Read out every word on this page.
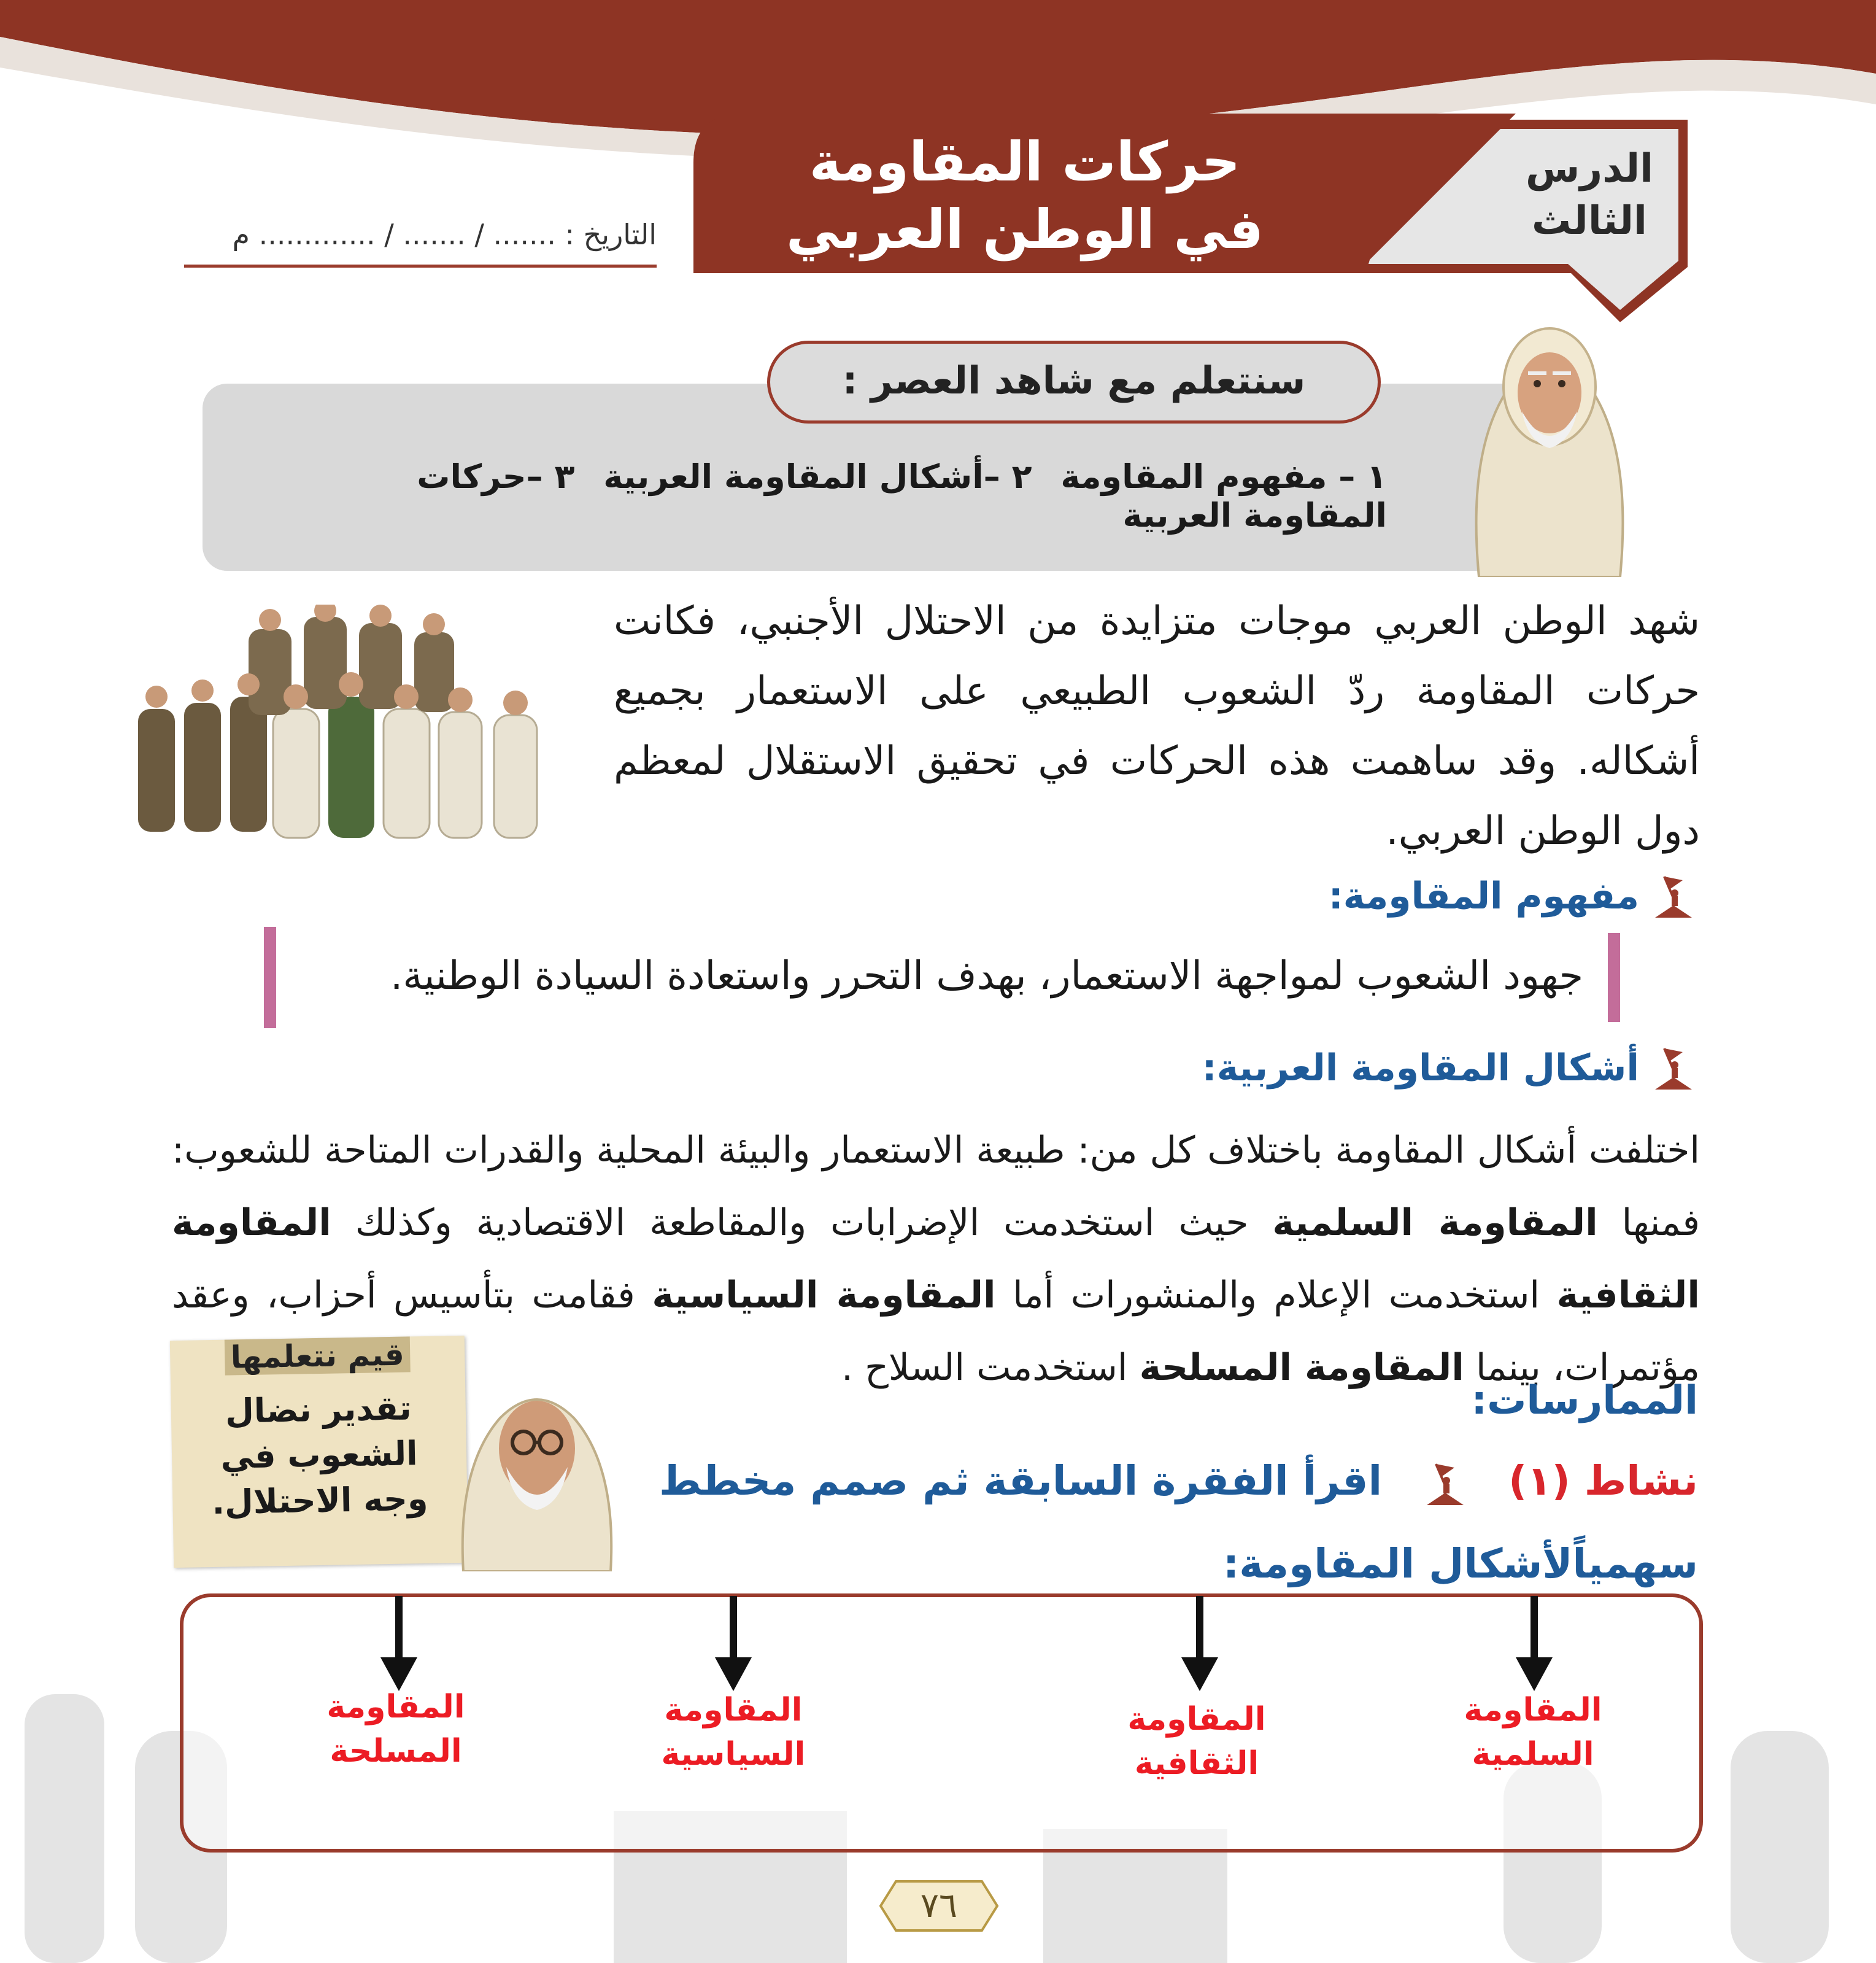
الدرس
الثالث
حركات المقاومة
في الوطن العربي
التاريخ : ....... / ....... / ............. م
سنتعلم مع شاهد العصر :
١ – مفهوم المقاومة ٢ –أشكال المقاومة العربية ٣ –حركات المقاومة العربية
شهد الوطن العربي موجات متزايدة من الاحتلال الأجنبي، فكانت حركات المقاومة ردّ الشعوب الطبيعي على الاستعمار بجميع أشكاله. وقد ساهمت هذه الحركات في تحقيق الاستقلال لمعظم دول الوطن العربي.
مفهوم المقاومة:
جهود الشعوب لمواجهة الاستعمار، بهدف التحرر واستعادة السيادة الوطنية.
أشكال المقاومة العربية:
اختلفت أشكال المقاومة باختلاف كل من: طبيعة الاستعمار والبيئة المحلية والقدرات المتاحة للشعوب: فمنها المقاومة السلمية حيث استخدمت الإضرابات والمقاطعة الاقتصادية وكذلك المقاومة الثقافية استخدمت الإعلام والمنشورات أما المقاومة السياسية فقامت بتأسيس أحزاب، وعقد مؤتمرات، بينما المقاومة المسلحة استخدمت السلاح .
الممارسات:
نشاط (١)  اقرأ الفقرة السابقة ثم صمم مخطط سهمياًلأشكال المقاومة:
قيم نتعلمها
تقدير نضال الشعوب في وجه الاحتلال.
المقاومة
السلمية
المقاومة
الثقافية
المقاومة
السياسية
المقاومة
المسلحة
٧٦
